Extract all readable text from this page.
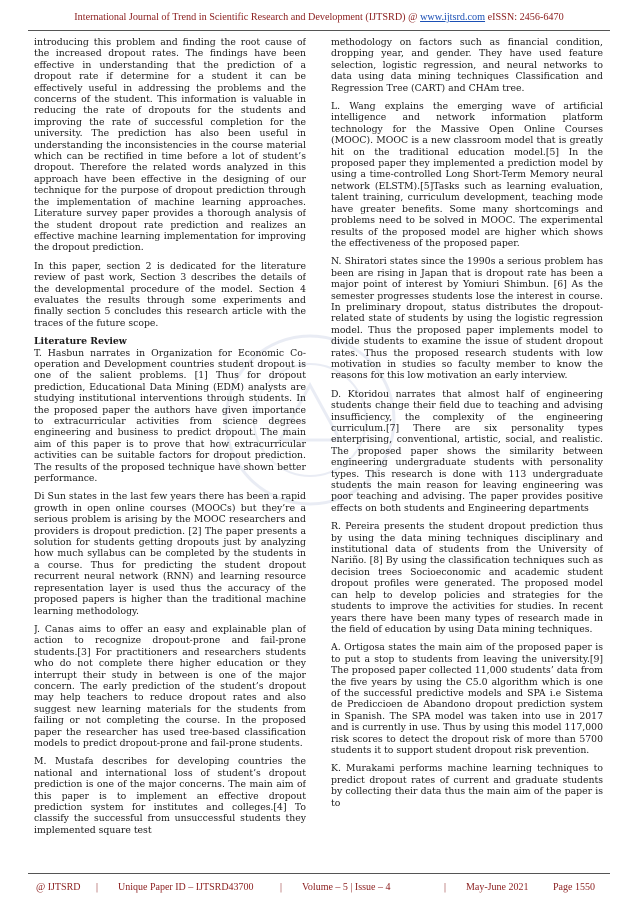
International Journal of Trend in Scientific Research and Development (IJTSRD) @ www.ijtsrd.com eISSN: 2456-6470

introducing this problem and finding the root cause of the increased dropout rates. The findings have been effective in understanding that the prediction of a dropout rate if determine for a student it can be effectively useful in addressing the problems and the concerns of the student. This information is valuable in reducing the rate of dropouts for the students and improving the rate of successful completion for the university. The prediction has also been useful in understanding the inconsistencies in the course material which can be rectified in time before a lot of student’s dropout. Therefore the related words analyzed in this approach have been effective in the designing of our technique for the purpose of dropout prediction through the implementation of machine learning approaches. Literature survey paper provides a thorough analysis of the student dropout rate prediction and realizes an effective machine learning implementation for improving the dropout prediction.

In this paper, section 2 is dedicated for the literature review of past work, Section 3 describes the details of the developmental procedure of the model. Section 4 evaluates the results through some experiments and finally section 5 concludes this research article with the traces of the future scope.

Literature Review

T. Hasbun narrates in Organization for Economic Co-operation and Development countries student dropout is one of the salient problems. [1] Thus for dropout prediction, Educational Data Mining (EDM) analysts are studying institutional interventions through students. In the proposed paper the authors have given importance to extracurricular activities from science degrees engineering and business to predict dropout. The main aim of this paper is to prove that how extracurricular activities can be suitable factors for dropout prediction. The results of the proposed technique have shown better performance.

Di Sun states in the last few years there has been a rapid growth in open online courses (MOOCs) but they’re a serious problem is arising by the MOOC researchers and providers is dropout prediction. [2] The paper presents a solution for students getting dropouts just by analyzing how much syllabus can be completed by the students in a course. Thus for predicting the student dropout recurrent neural network (RNN) and learning resource representation layer is used thus the accuracy of the proposed papers is higher than the traditional machine learning methodology.

J. Canas aims to offer an easy and explainable plan of action to recognize dropout-prone and fail-prone students.[3] For practitioners and researchers students who do not complete there higher education or they interrupt their study in between is one of the major concern. The early prediction of the student’s dropout may help teachers to reduce dropout rates and also suggest new learning materials for the students from failing or not completing the course. In the proposed paper the researcher has used tree-based classification models to predict dropout-prone and fail-prone students.

M. Mustafa describes for developing countries the national and international loss of student’s dropout prediction is one of the major concerns. The main aim of this paper is to implement an effective dropout prediction system for institutes and colleges.[4] To classify the successful from unsuccessful students they implemented square test

methodology on factors such as financial condition, dropping year, and gender. They have used feature selection, logistic regression, and neural networks to data using data mining techniques Classification and Regression Tree (CART) and CHAm tree.

L. Wang explains the emerging wave of artificial intelligence and network information platform technology for the Massive Open Online Courses (MOOC). MOOC is a new classroom model that is greatly hit on the traditional education model.[5] In the proposed paper they implemented a prediction model by using a time-controlled Long Short-Term Memory neural network (ELSTM).[5]Tasks such as learning evaluation, talent training, curriculum development, teaching mode have greater benefits. Some many shortcomings and problems need to be solved in MOOC. The experimental results of the proposed model are higher which shows the effectiveness of the proposed paper.

N. Shiratori states since the 1990s a serious problem has been are rising in Japan that is dropout rate has been a major point of interest by Yomiuri Shimbun. [6] As the semester progresses students lose the interest in course. In preliminary dropout, status distributes the dropout-related state of students by using the logistic regression model. Thus the proposed paper implements model to divide students to examine the issue of student dropout rates. Thus the proposed research students with low motivation in studies so faculty member to know the reasons for this low motivation an early interview.

D. Ktoridou narrates that almost half of engineering students change their field due to teaching and advising insufficiency, the complexity of the engineering curriculum.[7] There are six personality types enterprising, conventional, artistic, social, and realistic. The proposed paper shows the similarity between engineering undergraduate students with personality types. This research is done with 113 undergraduate students the main reason for leaving engineering was poor teaching and advising. The paper provides positive effects on both students and Engineering departments

R. Pereira presents the student dropout prediction thus by using the data mining techniques disciplinary and institutional data of students from the University of Nariño. [8] By using the classification techniques such as decision trees Socioeconomic and academic student dropout profiles were generated. The proposed model can help to develop policies and strategies for the students to improve the activities for studies. In recent years there have been many types of research made in the field of education by using Data mining techniques.

A. Ortigosa states the main aim of the proposed paper is to put a stop to students from leaving the university.[9] The proposed paper collected 11,000 students’ data from the five years by using the C5.0 algorithm which is one of the successful predictive models and SPA i.e Sistema de Prediccioen de Abandono dropout prediction system in Spanish. The SPA model was taken into use in 2017 and is currently in use. Thus by using this model 117,000 risk scores to detect the dropout risk of more than 5700 students it to support student dropout risk prevention.

K. Murakami performs machine learning techniques to predict dropout rates of current and graduate students by collecting their data thus the main aim of the paper is to

@ IJTSRD | Unique Paper ID – IJTSRD43700	| Volume – 5 | Issue – 4	| May-June 2021 Page 1550
